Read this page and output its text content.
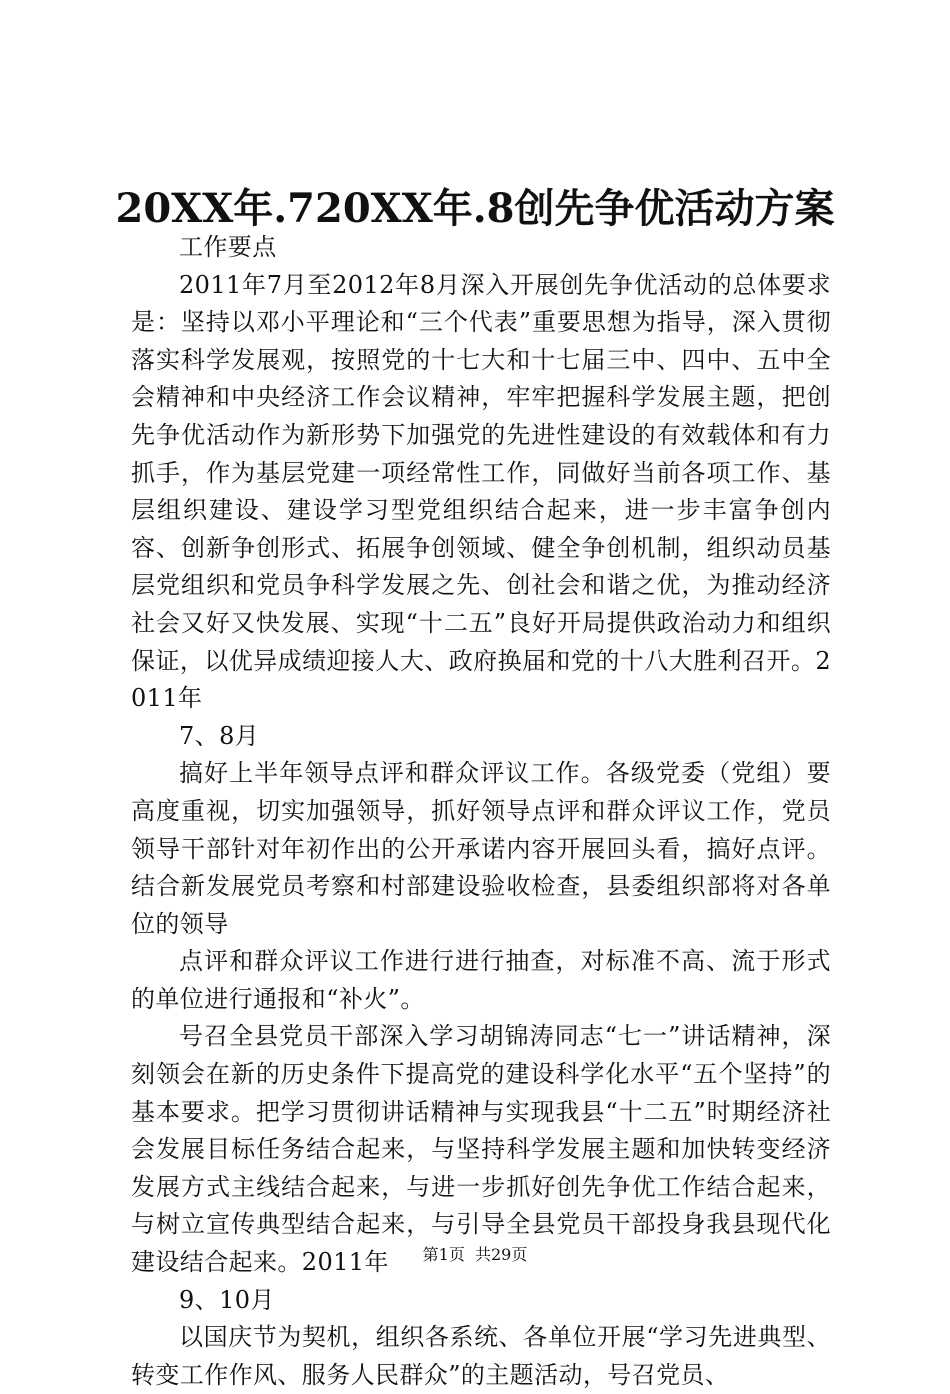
20XX年.720XX年.8创先争优活动方案

工作要点

2011年7月至2012年8月深入开展创先争优活动的总体要求是：坚持以邓小平理论和“三个代表”重要思想为指导，深入贯彻落实科学发展观，按照党的十七大和十七届三中、四中、五中全会精神和中央经济工作会议精神，牢牢把握科学发展主题，把创先争优活动作为新形势下加强党的先进性建设的有效载体和有力抓手，作为基层党建一项经常性工作，同做好当前各项工作、基层组织建设、建设学习型党组织结合起来，进一步丰富争创内容、创新争创形式、拓展争创领域、健全争创机制，组织动员基层党组织和党员争科学发展之先、创社会和谐之优，为推动经济社会又好又快发展、实现“十二五”良好开局提供政治动力和组织保证，以优异成绩迎接人大、政府换届和党的十八大胜利召开。2011年

7、8月

搞好上半年领导点评和群众评议工作。各级党委（党组）要高度重视，切实加强领导，抓好领导点评和群众评议工作，党员领导干部针对年初作出的公开承诺内容开展回头看，搞好点评。结合新发展党员考察和村部建设验收检查，县委组织部将对各单位的领导

点评和群众评议工作进行进行抽查，对标准不高、流于形式的单位进行通报和“补火”。

号召全县党员干部深入学习胡锦涛同志“七一”讲话精神，深刻领会在新的历史条件下提高党的建设科学化水平“五个坚持”的基本要求。把学习贯彻讲话精神与实现我县“十二五”时期经济社会发展目标任务结合起来，与坚持科学发展主题和加快转变经济发展方式主线结合起来，与进一步抓好创先争优工作结合起来，与树立宣传典型结合起来，与引导全县党员干部投身我县现代化建设结合起来。2011年

9、10月

以国庆节为契机，组织各系统、各单位开展“学习先进典型、转变工作作风、服务人民群众”的主题活动，号召党员、

第1页  共29页
